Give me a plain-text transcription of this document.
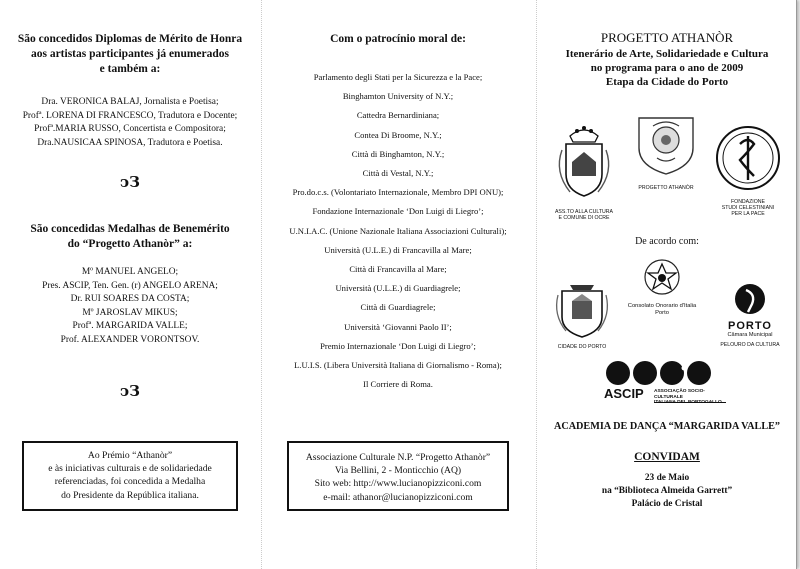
São concedidos Diplomas de Mérito de Honra
aos artistas participantes já enumerados
e também a:
Dra. VERONICA BALAJ, Jornalista e Poetisa;
Profª. LORENA DI FRANCESCO, Tradutora e Docente;
Profª.MARIA RUSSO, Concertista e Compositora;
Dra.NAUSICAA SPINOSA, Tradutora e Poetisa.
ↄЗ
São concedidas Medalhas de Benemérito
do “Progetto Athanòr” a:
Mº MANUEL ANGELO;
Pres. ASCIP, Ten. Gen. (r) ANGELO ARENA;
Dr. RUI SOARES DA COSTA;
Mº JAROSLAV MIKUS;
Profª. MARGARIDA VALLE;
Prof. ALEXANDER VORONTSOV.
ↄЗ
Ao Prémio “Athanòr”
e às iniciativas culturais e de solidariedade
referenciadas, foi concedida a Medalha
do Presidente da República italiana.
Com o patrocínio moral de:
Parlamento degli Stati per la Sicurezza e la Pace;
Binghamton University of N.Y.;
Cattedra Bernardiniana;
Contea Di Broome, N.Y.;
Città di Binghamton, N.Y.;
Città di Vestal, N.Y.;
Pro.do.c.s. (Volontariato Internazionale, Membro DPI ONU);
Fondazione Internazionale ‘Don Luigi di Liegro’;
U.N.I.A.C. (Unione Nazionale Italiana Associazioni Culturali);
Università (U.L.E.) di Francavilla al Mare;
Città di Francavilla al Mare;
Università (U.L.E.) di Guardiagrele;
Città di Guardiagrele;
Università ‘Giovanni Paolo II’;
Premio Internazionale ‘Don Luigi di Liegro’;
L.U.I.S. (Libera Università Italiana di Giornalismo - Roma);
Il Corriere di Roma.
Associazione Culturale N.P. “Progetto Athanòr”
Via Bellini, 2 - Monticchio (AQ)
Sito web: http://www.lucianopizziconi.com
e-mail: athanor@lucianopizziconi.com
PROGETTO ATHANÒR
Itenerário de Arte, Solidariedade e Cultura
no programa para o ano de 2009
Etapa da Cidade do Porto
ASS.TO ALLA CULTURA
E COMUNE DI OCRE
PROGETTO ATHANÒR
FONDAZIONE
STUDI CELESTINIANI
PER LA PACE
De acordo com:
CIDADE DO PORTO
Consolato Onorario d'Italia
Porto
PORTO
Câmara Municipal
PELOURO DA CULTURA
ASCIP ASSOCIAÇÃO SOCIO-CULTURALE
ACADEMIA DE DANÇA “MARGARIDA VALLE”
CONVIDAM
23 de Maio
na “Biblioteca Almeida Garrett”
Palácio de Cristal
